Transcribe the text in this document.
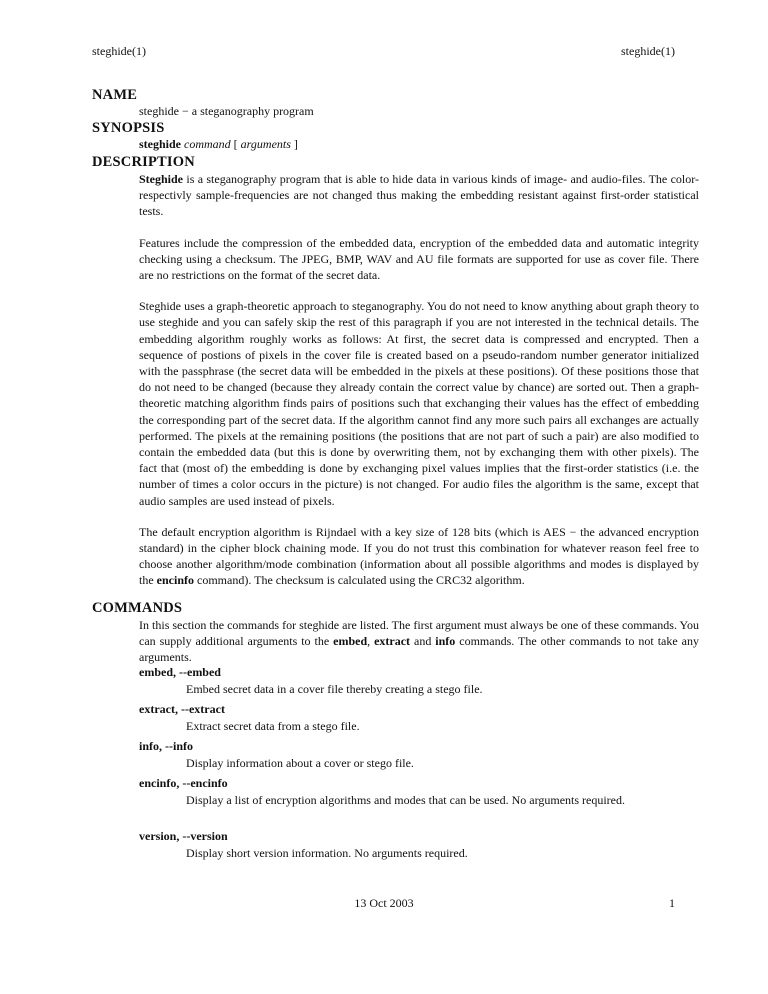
steghide(1)	steghide(1)
NAME

steghide − a steganography program

SYNOPSIS
steghide command [ arguments ]
DESCRIPTION

Steghide is a steganography program that is able to hide data in various kinds of image- and audio-files. The color- respectivly sample-frequencies are not changed thus making the embedding resistant against first-order statistical tests.

Features include the compression of the embedded data, encryption of the embedded data and automatic integrity checking using a checksum. The JPEG, BMP, WAV and AU file formats are supported for use as cover file. There are no restrictions on the format of the secret data.

Steghide uses a graph-theoretic approach to steganography. You do not need to know anything about graph theory to use steghide and you can safely skip the rest of this paragraph if you are not interested in the technical details. The embedding algorithm roughly works as follows: At first, the secret data is compressed and encrypted. Then a sequence of postions of pixels in the cover file is created based on a pseudo-random number generator initialized with the passphrase (the secret data will be embedded in the pixels at these positions). Of these positions those that do not need to be changed (because they already contain the correct value by chance) are sorted out. Then a graph-theoretic matching algorithm finds pairs of positions such that exchanging their values has the effect of embedding the corresponding part of the secret data. If the algorithm cannot find any more such pairs all exchanges are actually performed. The pixels at the remaining positions (the positions that are not part of such a pair) are also modified to contain the embedded data (but this is done by overwriting them, not by exchanging them with other pixels). The fact that (most of) the embedding is done by exchanging pixel values implies that the first-order statistics (i.e. the number of times a color occurs in the picture) is not changed. For audio files the algorithm is the same, except that audio samples are used instead of pixels.

The default encryption algorithm is Rijndael with a key size of 128 bits (which is AES − the advanced encryption standard) in the cipher block chaining mode. If you do not trust this combination for whatever reason feel free to choose another algorithm/mode combination (information about all possible algorithms and modes is displayed by the encinfo command). The checksum is calculated using the CRC32 algorithm.

COMMANDS

In this section the commands for steghide are listed. The first argument must always be one of these commands. You can supply additional arguments to the embed, extract and info commands. The other commands to not take any arguments.

embed, --embed
Embed secret data in a cover file thereby creating a stego file.
extract, --extract
Extract secret data from a stego file.
info, --info
Display information about a cover or stego file.
encinfo, --encinfo
Display a list of encryption algorithms and modes that can be used. No arguments required.
version, --version
Display short version information. No arguments required.
13 Oct 2003	1
